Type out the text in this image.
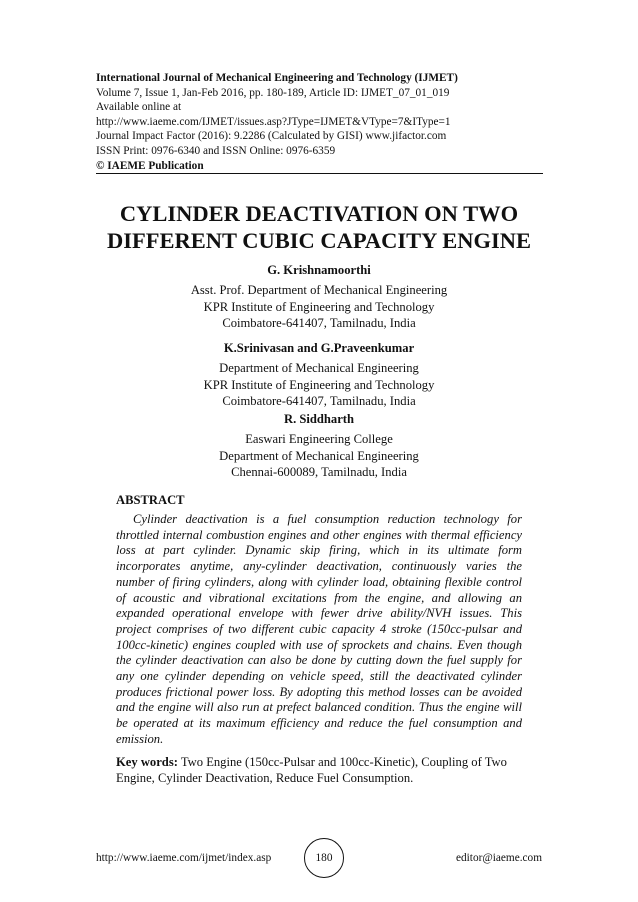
International Journal of Mechanical Engineering and Technology (IJMET)
Volume 7, Issue 1, Jan-Feb 2016, pp. 180-189, Article ID: IJMET_07_01_019
Available online at
http://www.iaeme.com/IJMET/issues.asp?JType=IJMET&VType=7&IType=1
Journal Impact Factor (2016): 9.2286 (Calculated by GISI) www.jifactor.com
ISSN Print: 0976-6340 and ISSN Online: 0976-6359
© IAEME Publication
CYLINDER DEACTIVATION ON TWO
DIFFERENT CUBIC CAPACITY ENGINE
G. Krishnamoorthi
Asst. Prof. Department of Mechanical Engineering
KPR Institute of Engineering and Technology
Coimbatore-641407, Tamilnadu, India
K.Srinivasan and G.Praveenkumar
Department of Mechanical Engineering
KPR Institute of Engineering and Technology
Coimbatore-641407, Tamilnadu, India
R. Siddharth
Easwari Engineering College
Department of Mechanical Engineering
Chennai-600089, Tamilnadu, India
ABSTRACT

Cylinder deactivation is a fuel consumption reduction technology for throttled internal combustion engines and other engines with thermal efficiency loss at part cylinder. Dynamic skip firing, which in its ultimate form incorporates anytime, any-cylinder deactivation, continuously varies the number of firing cylinders, along with cylinder load, obtaining flexible control of acoustic and vibrational excitations from the engine, and allowing an expanded operational envelope with fewer drive ability/NVH issues. This project comprises of two different cubic capacity 4 stroke (150cc-pulsar and 100cc-kinetic) engines coupled with use of sprockets and chains. Even though the cylinder deactivation can also be done by cutting down the fuel supply for any one cylinder depending on vehicle speed, still the deactivated cylinder produces frictional power loss. By adopting this method losses can be avoided and the engine will also run at prefect balanced condition. Thus the engine will be operated at its maximum efficiency and reduce the fuel consumption and emission.

Key words: Two Engine (150cc-Pulsar and 100cc-Kinetic), Coupling of Two Engine, Cylinder Deactivation, Reduce Fuel Consumption.
http://www.iaeme.com/ijmet/index.asp	180	editor@iaeme.com
